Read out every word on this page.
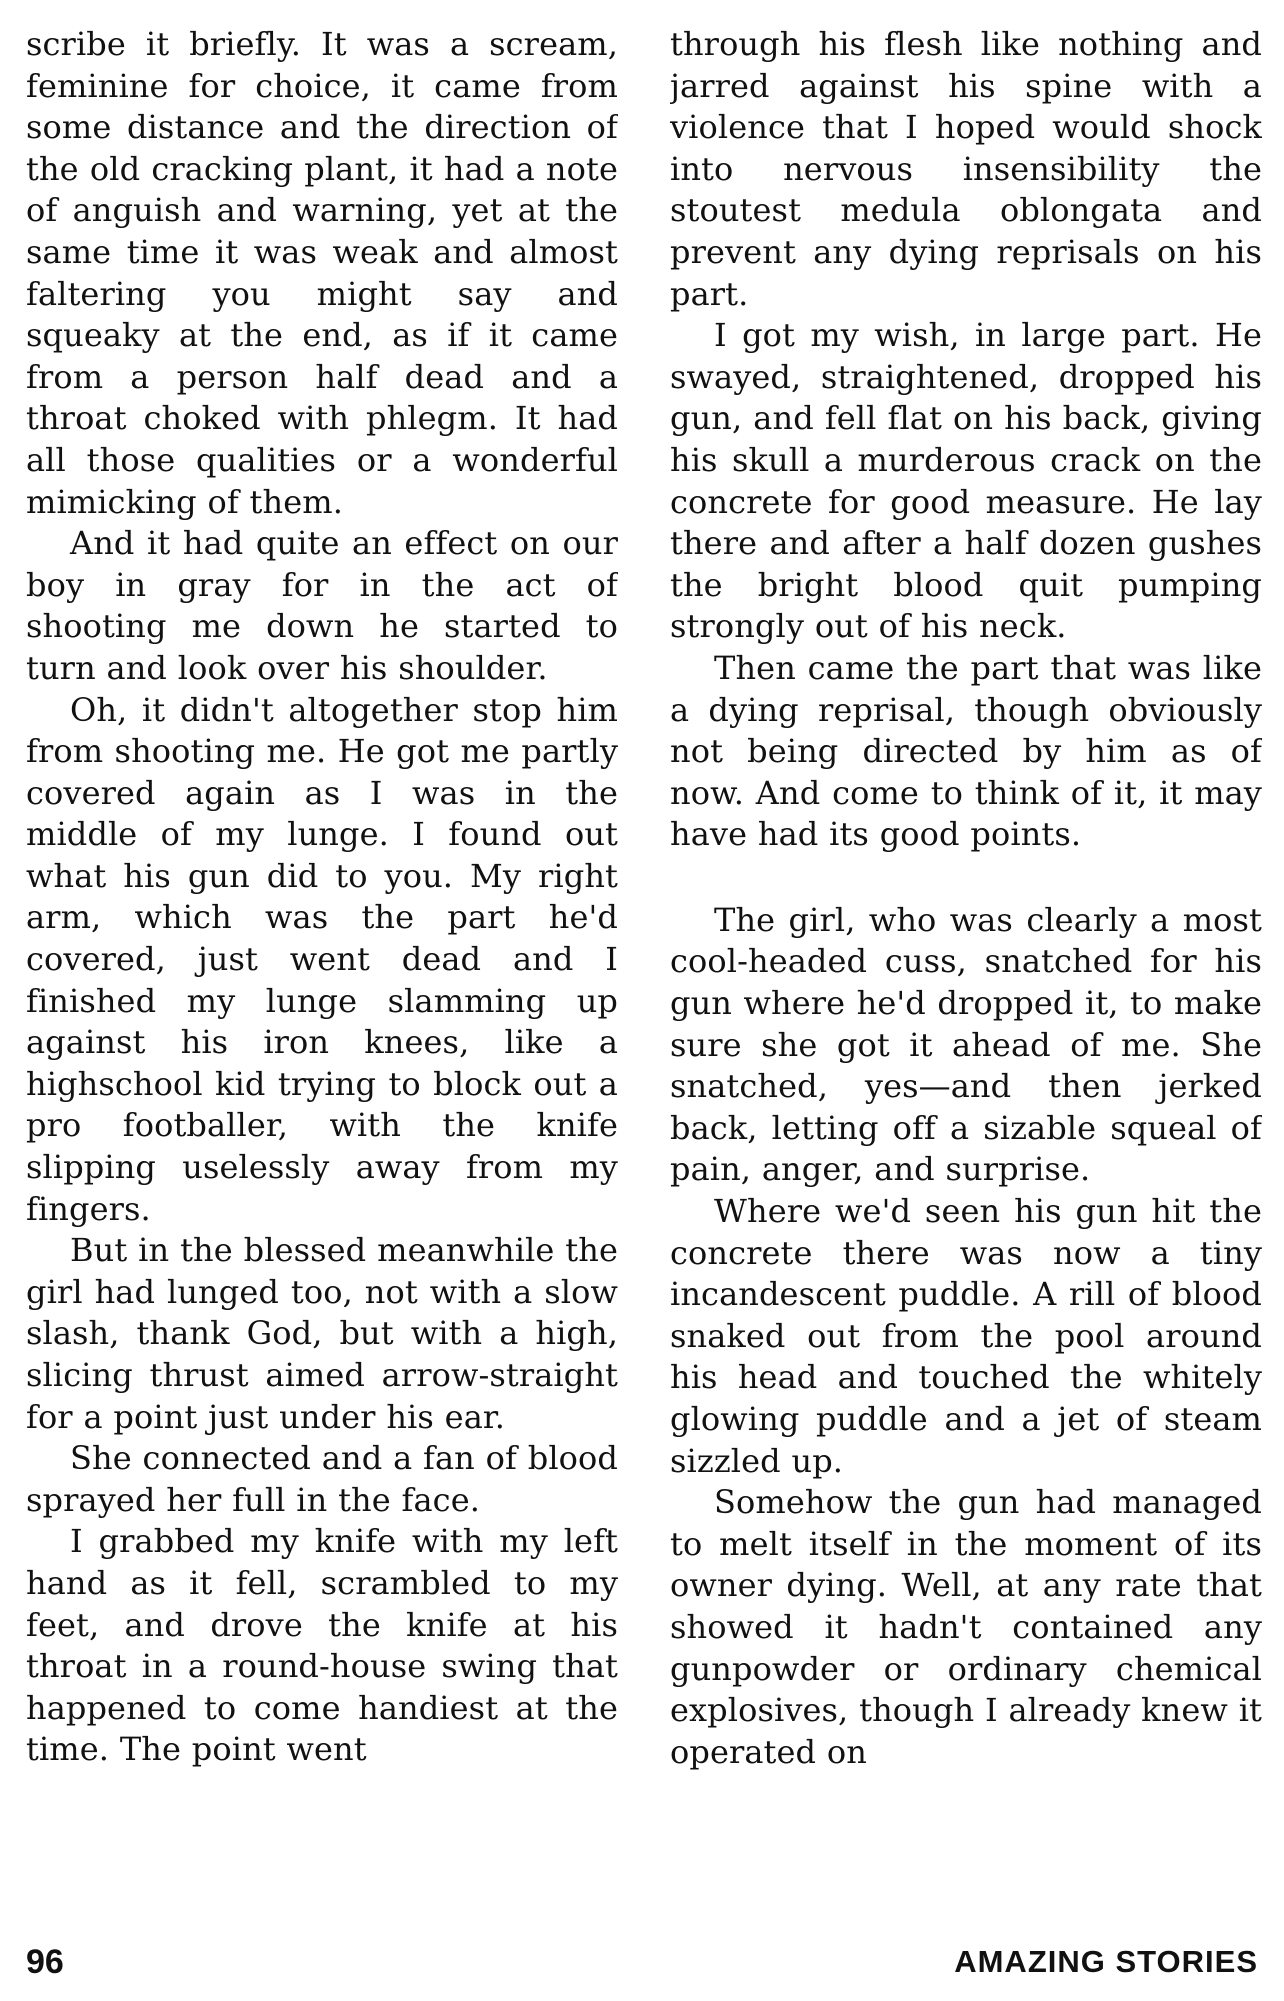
scribe it briefly. It was a scream, feminine for choice, it came from some distance and the direction of the old cracking plant, it had a note of anguish and warning, yet at the same time it was weak and almost faltering you might say and squeaky at the end, as if it came from a person half dead and a throat choked with phlegm. It had all those qualities or a wonderful mimicking of them.

And it had quite an effect on our boy in gray for in the act of shooting me down he started to turn and look over his shoulder.

Oh, it didn't altogether stop him from shooting me. He got me partly covered again as I was in the middle of my lunge. I found out what his gun did to you. My right arm, which was the part he'd covered, just went dead and I finished my lunge slamming up against his iron knees, like a highschool kid trying to block out a pro footballer, with the knife slipping uselessly away from my fingers.

But in the blessed meanwhile the girl had lunged too, not with a slow slash, thank God, but with a high, slicing thrust aimed arrow-straight for a point just under his ear.

She connected and a fan of blood sprayed her full in the face.

I grabbed my knife with my left hand as it fell, scrambled to my feet, and drove the knife at his throat in a round-house swing that happened to come handiest at the time. The point went

through his flesh like nothing and jarred against his spine with a violence that I hoped would shock into nervous insensibility the stoutest medula oblongata and prevent any dying reprisals on his part.

I got my wish, in large part. He swayed, straightened, dropped his gun, and fell flat on his back, giving his skull a murderous crack on the concrete for good measure. He lay there and after a half dozen gushes the bright blood quit pumping strongly out of his neck.

Then came the part that was like a dying reprisal, though obviously not being directed by him as of now. And come to think of it, it may have had its good points.

The girl, who was clearly a most cool-headed cuss, snatched for his gun where he'd dropped it, to make sure she got it ahead of me. She snatched, yes—and then jerked back, letting off a sizable squeal of pain, anger, and surprise.

Where we'd seen his gun hit the concrete there was now a tiny incandescent puddle. A rill of blood snaked out from the pool around his head and touched the whitely glowing puddle and a jet of steam sizzled up.

Somehow the gun had managed to melt itself in the moment of its owner dying. Well, at any rate that showed it hadn't contained any gunpowder or ordinary chemical explosives, though I already knew it operated on

96	AMAZING STORIES
